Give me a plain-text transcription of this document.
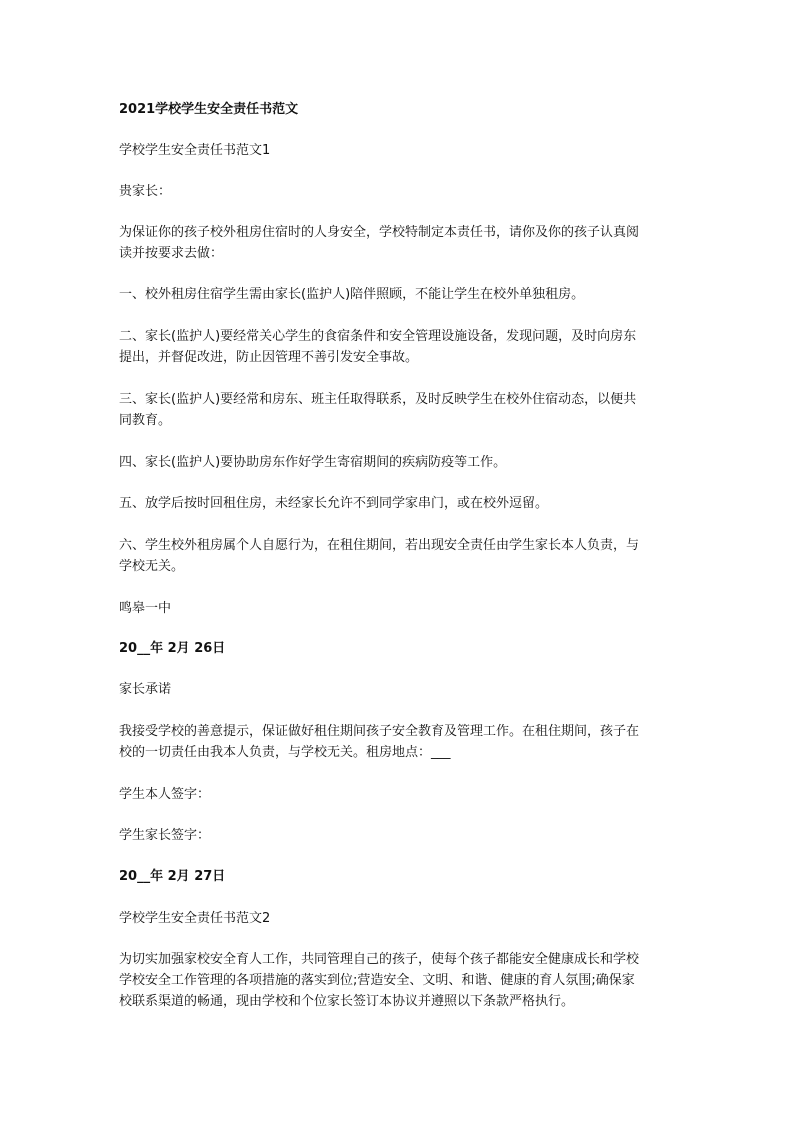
2021学校学生安全责任书范文
学校学生安全责任书范文1
贵家长：
为保证你的孩子校外租房住宿时的人身安全，学校特制定本责任书，请你及你的孩子认真阅
读并按要求去做：
一、校外租房住宿学生需由家长(监护人)陪伴照顾，不能让学生在校外单独租房。
二、家长(监护人)要经常关心学生的食宿条件和安全管理设施设备，发现问题，及时向房东
提出，并督促改进，防止因管理不善引发安全事故。
三、家长(监护人)要经常和房东、班主任取得联系，及时反映学生在校外住宿动态，以便共
同教育。
四、家长(监护人)要协助房东作好学生寄宿期间的疾病防疫等工作。
五、放学后按时回租住房，未经家长允许不到同学家串门，或在校外逗留。
六、学生校外租房属个人自愿行为，在租住期间，若出现安全责任由学生家长本人负责，与
学校无关。
鸣皋一中
20__年 2月 26日
家长承诺
我接受学校的善意提示，保证做好租住期间孩子安全教育及管理工作。在租住期间，孩子在
校的一切责任由我本人负责，与学校无关。租房地点：___
学生本人签字：
学生家长签字：
20__年 2月 27日
学校学生安全责任书范文2
为切实加强家校安全育人工作，共同管理自己的孩子，使每个孩子都能安全健康成长和学校
学校安全工作管理的各项措施的落实到位;营造安全、文明、和谐、健康的育人氛围;确保家
校联系渠道的畅通，现由学校和个位家长签订本协议并遵照以下条款严格执行。
